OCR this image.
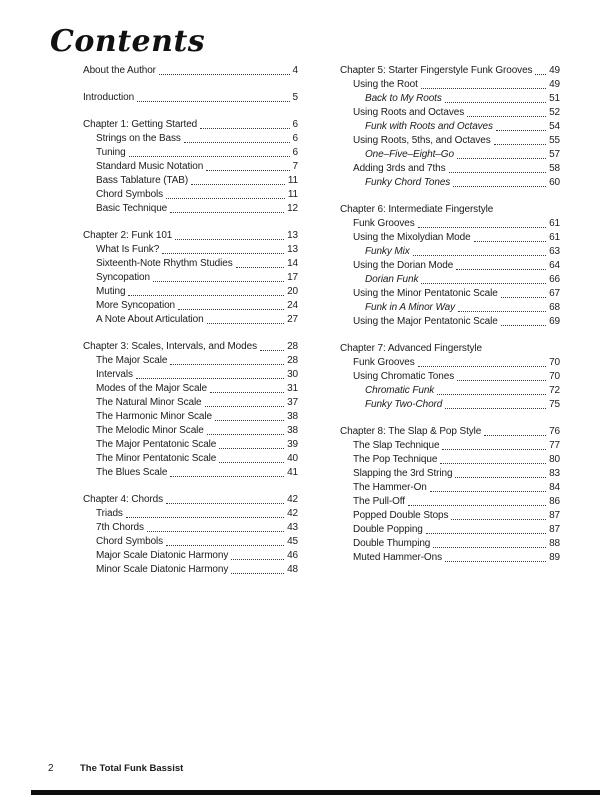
Contents
About the Author	4
Introduction	5
Chapter 1: Getting Started	6
Strings on the Bass	6
Tuning	6
Standard Music Notation	7
Bass Tablature (TAB)	11
Chord Symbols	11
Basic Technique	12
Chapter 2: Funk 101	13
What Is Funk?	13
Sixteenth-Note Rhythm Studies	14
Syncopation	17
Muting	20
More Syncopation	24
A Note About Articulation	27
Chapter 3: Scales, Intervals, and Modes	28
The Major Scale	28
Intervals	30
Modes of the Major Scale	31
The Natural Minor Scale	37
The Harmonic Minor Scale	38
The Melodic Minor Scale	38
The Major Pentatonic Scale	39
The Minor Pentatonic Scale	40
The Blues Scale	41
Chapter 4: Chords	42
Triads	42
7th Chords	43
Chord Symbols	45
Major Scale Diatonic Harmony	46
Minor Scale Diatonic Harmony	48
Chapter 5: Starter Fingerstyle Funk Grooves 49
Using the Root	49
Back to My Roots	51
Using Roots and Octaves	52
Funk with Roots and Octaves	54
Using Roots, 5ths, and Octaves	55
One–Five–Eight–Go	57
Adding 3rds and 7ths	58
Funky Chord Tones	60
Chapter 6: Intermediate Fingerstyle
Funk Grooves	61
Using the Mixolydian Mode	61
Funky Mix	63
Using the Dorian Mode	64
Dorian Funk	66
Using the Minor Pentatonic Scale	67
Funk in A Minor Way	68
Using the Major Pentatonic Scale	69
Chapter 7: Advanced Fingerstyle
Funk Grooves	70
Using Chromatic Tones	70
Chromatic Funk	72
Funky Two-Chord	75
Chapter 8: The Slap & Pop Style	76
The Slap Technique	77
The Pop Technique	80
Slapping the 3rd String	83
The Hammer-On	84
The Pull-Off	86
Popped Double Stops	87
Double Popping	87
Double Thumping	88
Muted Hammer-Ons	89
2	The Total Funk Bassist
